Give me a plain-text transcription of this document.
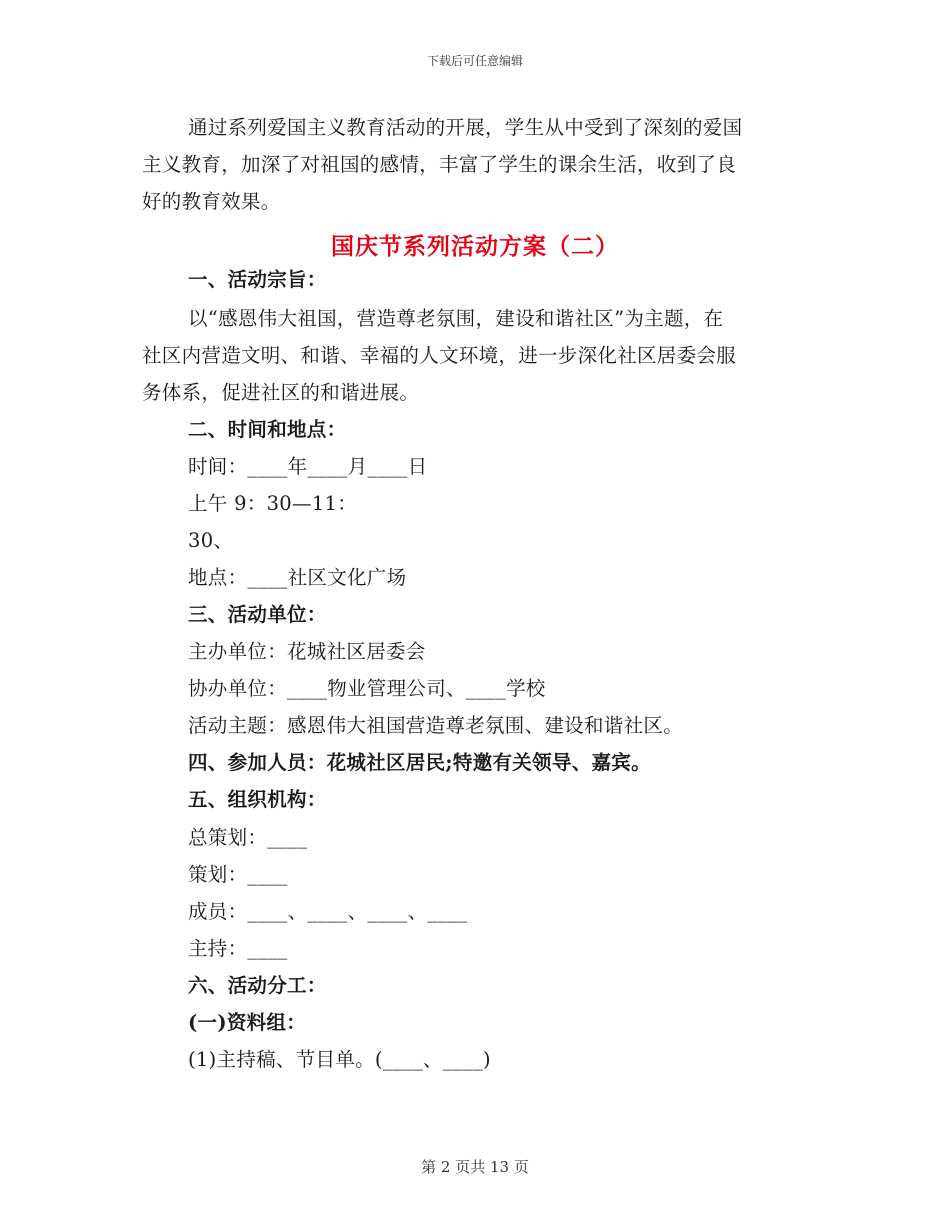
下载后可任意编辑
通过系列爱国主义教育活动的开展，学生从中受到了深刻的爱国
主义教育，加深了对祖国的感情，丰富了学生的课余生活，收到了良
好的教育效果。
国庆节系列活动方案（二）
一、活动宗旨：
以“感恩伟大祖国，营造尊老氛围，建设和谐社区”为主题，在
社区内营造文明、和谐、幸福的人文环境，进一步深化社区居委会服
务体系，促进社区的和谐进展。
二、时间和地点：
时间：____年____月____日
上午 9：30—11：
30、
地点：____社区文化广场
三、活动单位：
主办单位：花城社区居委会
协办单位：____物业管理公司、____学校
活动主题：感恩伟大祖国营造尊老氛围、建设和谐社区。
四、参加人员：花城社区居民;特邀有关领导、嘉宾。
五、组织机构：
总策划：____
策划：____
成员：____、____、____、____
主持：____
六、活动分工：
(一)资料组：
(1)主持稿、节目单。(____、____)
第 2 页共 13 页
